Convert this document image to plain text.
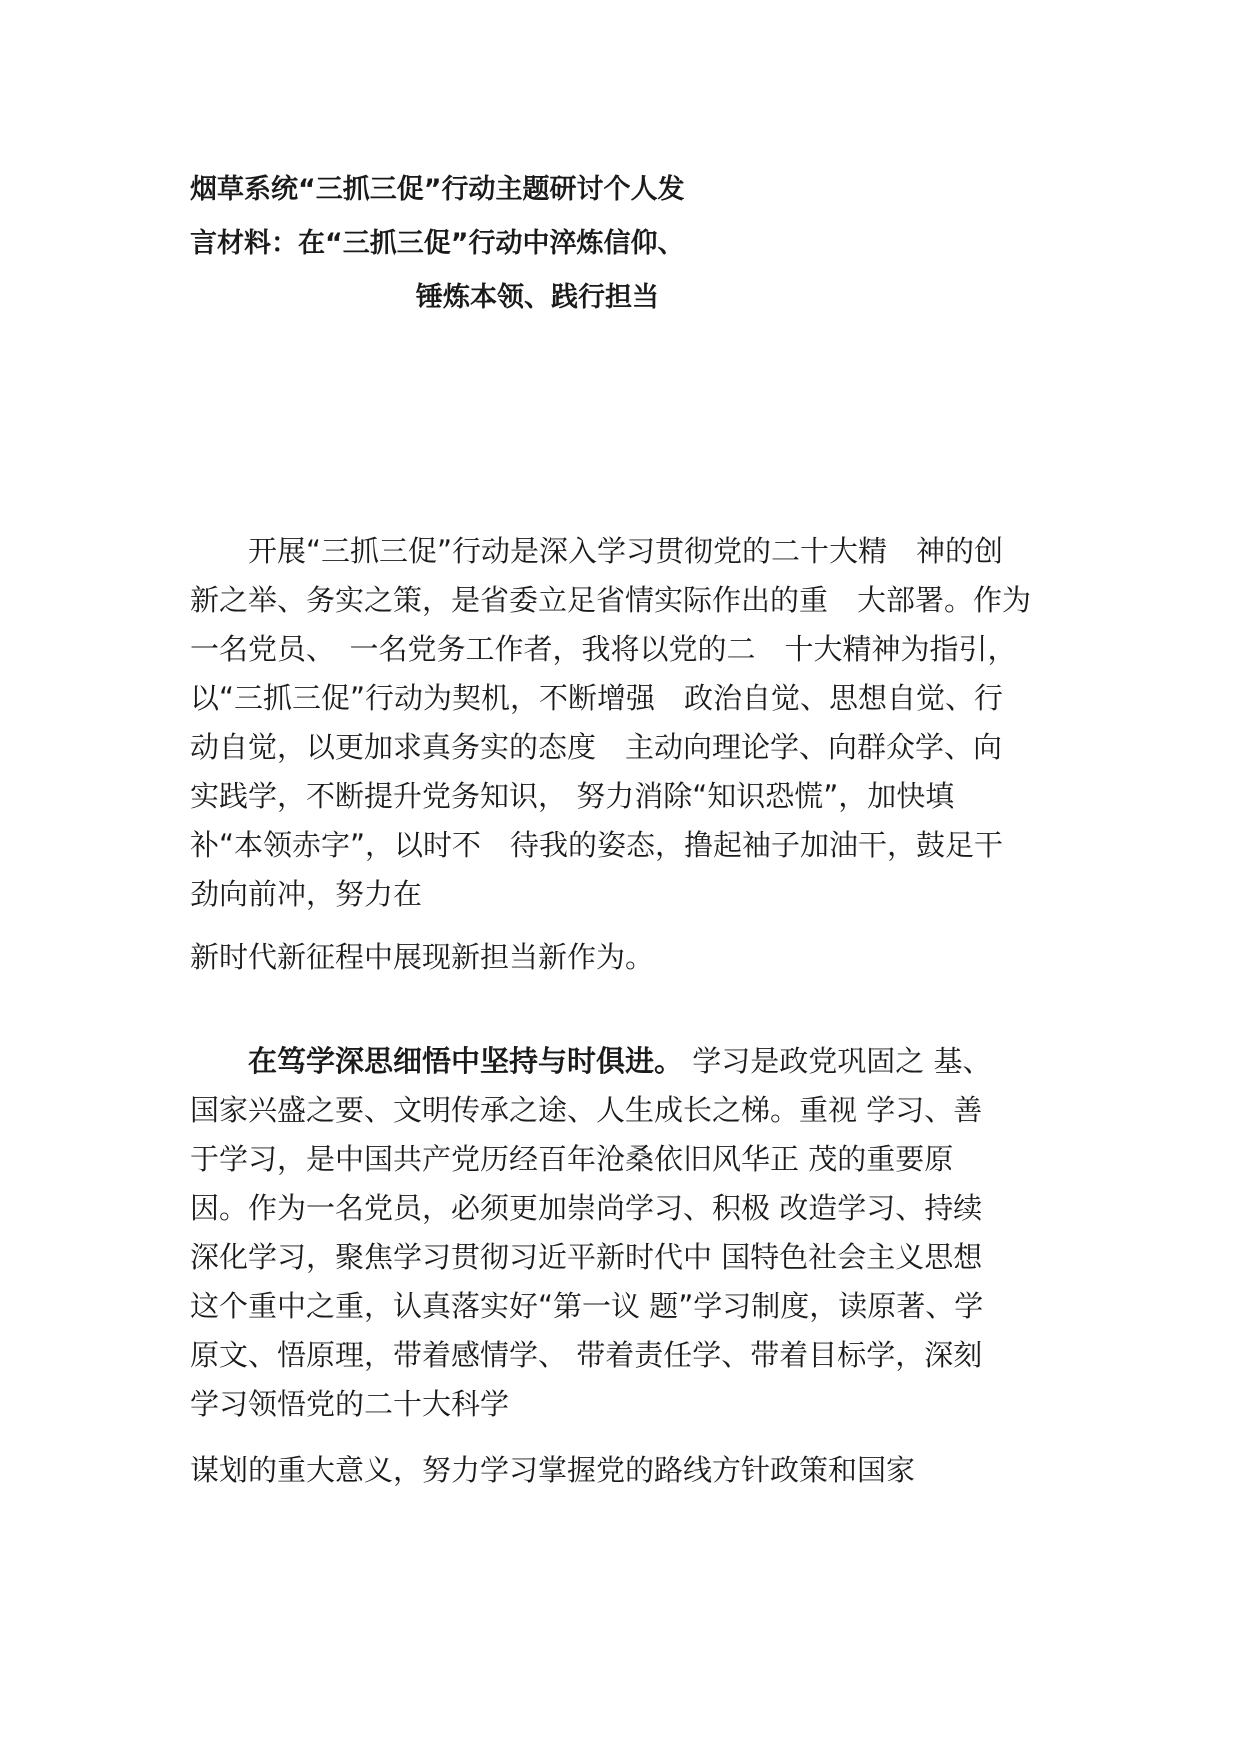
烟草系统“三抓三促”行动主题研讨个人发
言材料：在“三抓三促”行动中淬炼信仰、
锤炼本领、践行担当
　　开展“三抓三促”行动是深入学习贯彻党的二十大精　神的创
新之举、务实之策，是省委立足省情实际作出的重　大部署。作为
一名党员、　一名党务工作者，我将以党的二　十大精神为指引，
以“三抓三促”行动为契机，不断增强　政治自觉、思想自觉、行
动自觉，以更加求真务实的态度　主动向理论学、向群众学、向
实践学，不断提升党务知识， 努力消除“知识恐慌”，加快填
补“本领赤字”，以时不　待我的姿态，撸起袖子加油干，鼓足干
劲向前冲，努力在
新时代新征程中展现新担当新作为。
　　在笃学深思细悟中坚持与时俱进。 学习是政党巩固之 基、
国家兴盛之要、文明传承之途、人生成长之梯。重视 学习、善
于学习，是中国共产党历经百年沧桑依旧风华正 茂的重要原
因。作为一名党员，必须更加崇尚学习、积极 改造学习、持续
深化学习，聚焦学习贯彻习近平新时代中 国特色社会主义思想
这个重中之重，认真落实好“第一议 题”学习制度，读原著、学
原文、悟原理，带着感情学、 带着责任学、带着目标学，深刻
学习领悟党的二十大科学
谋划的重大意义，努力学习掌握党的路线方针政策和国家
